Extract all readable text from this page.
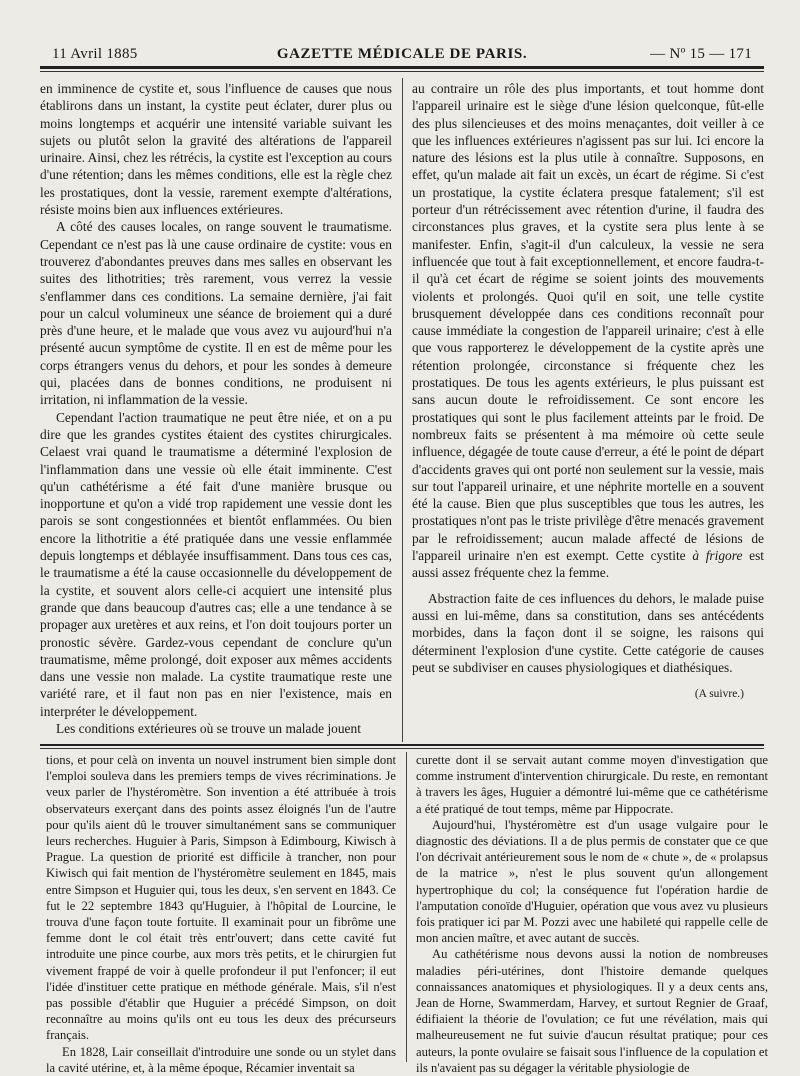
11 Avril 1885	GAZETTE MÉDICALE DE PARIS.	— Nº 15 — 171

en imminence de cystite et, sous l'influence de causes que nous établirons dans un instant, la cystite peut éclater, durer plus ou moins longtemps et acquérir une intensité variable suivant les sujets ou plutôt selon la gravité des altérations de l'appareil urinaire. Ainsi, chez les rétrécis, la cystite est l'exception au cours d'une rétention; dans les mêmes conditions, elle est la règle chez les prostatiques, dont la vessie, rarement exempte d'altérations, résiste moins bien aux influences extérieures.

A côté des causes locales, on range souvent le traumatisme. Cependant ce n'est pas là une cause ordinaire de cystite: vous en trouverez d'abondantes preuves dans mes salles en observant les suites des lithotrities; très rarement, vous verrez la vessie s'enflammer dans ces conditions. La semaine dernière, j'ai fait pour un calcul volumineux une séance de broiement qui a duré près d'une heure, et le malade que vous avez vu aujourd'hui n'a présenté aucun symptôme de cystite. Il en est de même pour les corps étrangers venus du dehors, et pour les sondes à demeure qui, placées dans de bonnes conditions, ne produisent ni irritation, ni inflammation de la vessie.

Cependant l'action traumatique ne peut être niée, et on a pu dire que les grandes cystites étaient des cystites chirurgicales. Celaest vrai quand le traumatisme a déterminé l'explosion de l'inflammation dans une vessie où elle était imminente. C'est qu'un cathétérisme a été fait d'une manière brusque ou inopportune et qu'on a vidé trop rapidement une vessie dont les parois se sont congestionnées et bientôt enflammées. Ou bien encore la lithotritie a été pratiquée dans une vessie enflammée depuis longtemps et déblayée insuffisamment. Dans tous ces cas, le traumatisme a été la cause occasionnelle du développement de la cystite, et souvent alors celle-ci acquiert une intensité plus grande que dans beaucoup d'autres cas; elle a une tendance à se propager aux uretères et aux reins, et l'on doit toujours porter un pronostic sévère. Gardez-vous cependant de conclure qu'un traumatisme, même prolongé, doit exposer aux mêmes accidents dans une vessie non malade. La cystite traumatique reste une variété rare, et il faut non pas en nier l'existence, mais en interpréter le développement.

Les conditions extérieures où se trouve un malade jouent

au contraire un rôle des plus importants, et tout homme dont l'appareil urinaire est le siège d'une lésion quelconque, fût-elle des plus silencieuses et des moins menaçantes, doit veiller à ce que les influences extérieures n'agissent pas sur lui. Ici encore la nature des lésions est la plus utile à connaître. Supposons, en effet, qu'un malade ait fait un excès, un écart de régime. Si c'est un prostatique, la cystite éclatera presque fatalement; s'il est porteur d'un rétrécissement avec rétention d'urine, il faudra des circonstances plus graves, et la cystite sera plus lente à se manifester. Enfin, s'agit-il d'un calculeux, la vessie ne sera influencée que tout à fait exceptionnellement, et encore faudra-t-il qu'à cet écart de régime se soient joints des mouvements violents et prolongés. Quoi qu'il en soit, une telle cystite brusquement développée dans ces conditions reconnaît pour cause immédiate la congestion de l'appareil urinaire; c'est à elle que vous rapporterez le développement de la cystite après une rétention prolongée, circonstance si fréquente chez les prostatiques. De tous les agents extérieurs, le plus puissant est sans aucun doute le refroidissement. Ce sont encore les prostatiques qui sont le plus facilement atteints par le froid. De nombreux faits se présentent à ma mémoire où cette seule influence, dégagée de toute cause d'erreur, a été le point de départ d'accidents graves qui ont porté non seulement sur la vessie, mais sur tout l'appareil urinaire, et une néphrite mortelle en a souvent été la cause. Bien que plus susceptibles que tous les autres, les prostatiques n'ont pas le triste privilège d'être menacés gravement par le refroidissement; aucun malade affecté de lésions de l'appareil urinaire n'en est exempt. Cette cystite à frigore est aussi assez fréquente chez la femme.

Abstraction faite de ces influences du dehors, le malade puise aussi en lui-même, dans sa constitution, dans ses antécédents morbides, dans la façon dont il se soigne, les raisons qui déterminent l'explosion d'une cystite. Cette catégorie de causes peut se subdiviser en causes physiologiques et diathésiques.

(A suivre.)

tions, et pour celà on inventa un nouvel instrument bien simple dont l'emploi souleva dans les premiers temps de vives récriminations. Je veux parler de l'hystéromètre. Son invention a été attribuée à trois observateurs exerçant dans des points assez éloignés l'un de l'autre pour qu'ils aient dû le trouver simultanément sans se communiquer leurs recherches. Huguier à Paris, Simpson à Edimbourg, Kiwisch à Prague. La question de priorité est difficile à trancher, non pour Kiwisch qui fait mention de l'hystéromètre seulement en 1845, mais entre Simpson et Huguier qui, tous les deux, s'en servent en 1843. Ce fut le 22 septembre 1843 qu'Huguier, à l'hôpital de Lourcine, le trouva d'une façon toute fortuite. Il examinait pour un fibrôme une femme dont le col était très entr'ouvert; dans cette cavité fut introduite une pince courbe, aux mors très petits, et le chirurgien fut vivement frappé de voir à quelle profondeur il put l'enfoncer; il eut l'idée d'instituer cette pratique en méthode générale. Mais, s'il n'est pas possible d'établir que Huguier a précédé Simpson, on doit reconnaître au moins qu'ils ont eu tous les deux des précurseurs français.

En 1828, Lair conseillait d'introduire une sonde ou un stylet dans la cavité utérine, et, à la même époque, Récamier inventait sa

curette dont il se servait autant comme moyen d'investigation que comme instrument d'intervention chirurgicale. Du reste, en remontant à travers les âges, Huguier a démontré lui-même que ce cathétérisme a été pratiqué de tout temps, même par Hippocrate.

Aujourd'hui, l'hystéromètre est d'un usage vulgaire pour le diagnostic des déviations. Il a de plus permis de constater que ce que l'on décrivait antérieurement sous le nom de « chute », de « prolapsus de la matrice », n'est le plus souvent qu'un allongement hypertrophique du col; la conséquence fut l'opération hardie de l'amputation conoïde d'Huguier, opération que vous avez vu plusieurs fois pratiquer ici par M. Pozzi avec une habileté qui rappelle celle de mon ancien maître, et avec autant de succès.

Au cathétérisme nous devons aussi la notion de nombreuses maladies péri-utérines, dont l'histoire demande quelques connaissances anatomiques et physiologiques. Il y a deux cents ans, Jean de Horne, Swammerdam, Harvey, et surtout Regnier de Graaf, édifiaient la théorie de l'ovulation; ce fut une révélation, mais qui malheureusement ne fut suivie d'aucun résultat pratique; pour ces auteurs, la ponte ovulaire se faisait sous l'influence de la copulation et ils n'avaient pas su dégager la véritable physiologie de
